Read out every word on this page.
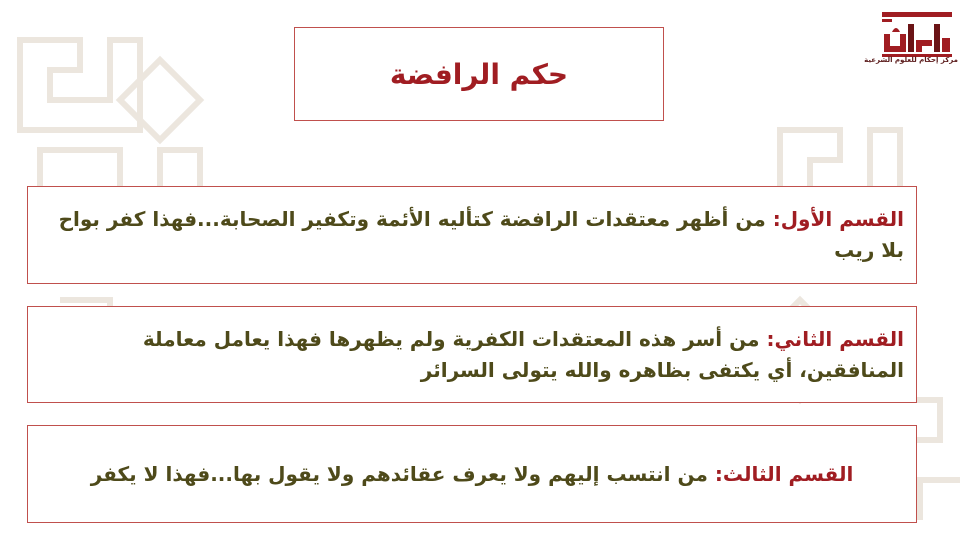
حكم الرافضة	مركز إحكام للعلوم الشرعية
القسم الأول: من أظهر معتقدات الرافضة كتأليه الأئمة وتكفير الصحابة...فهذا كفر بواح بلا ريب
القسم الثاني: من أسر هذه المعتقدات الكفرية ولم يظهرها فهذا يعامل معاملة المنافقين، أي يكتفى بظاهره والله يتولى السرائر
القسم الثالث: من انتسب إليهم ولا يعرف عقائدهم ولا يقول بها...فهذا لا يكفر
